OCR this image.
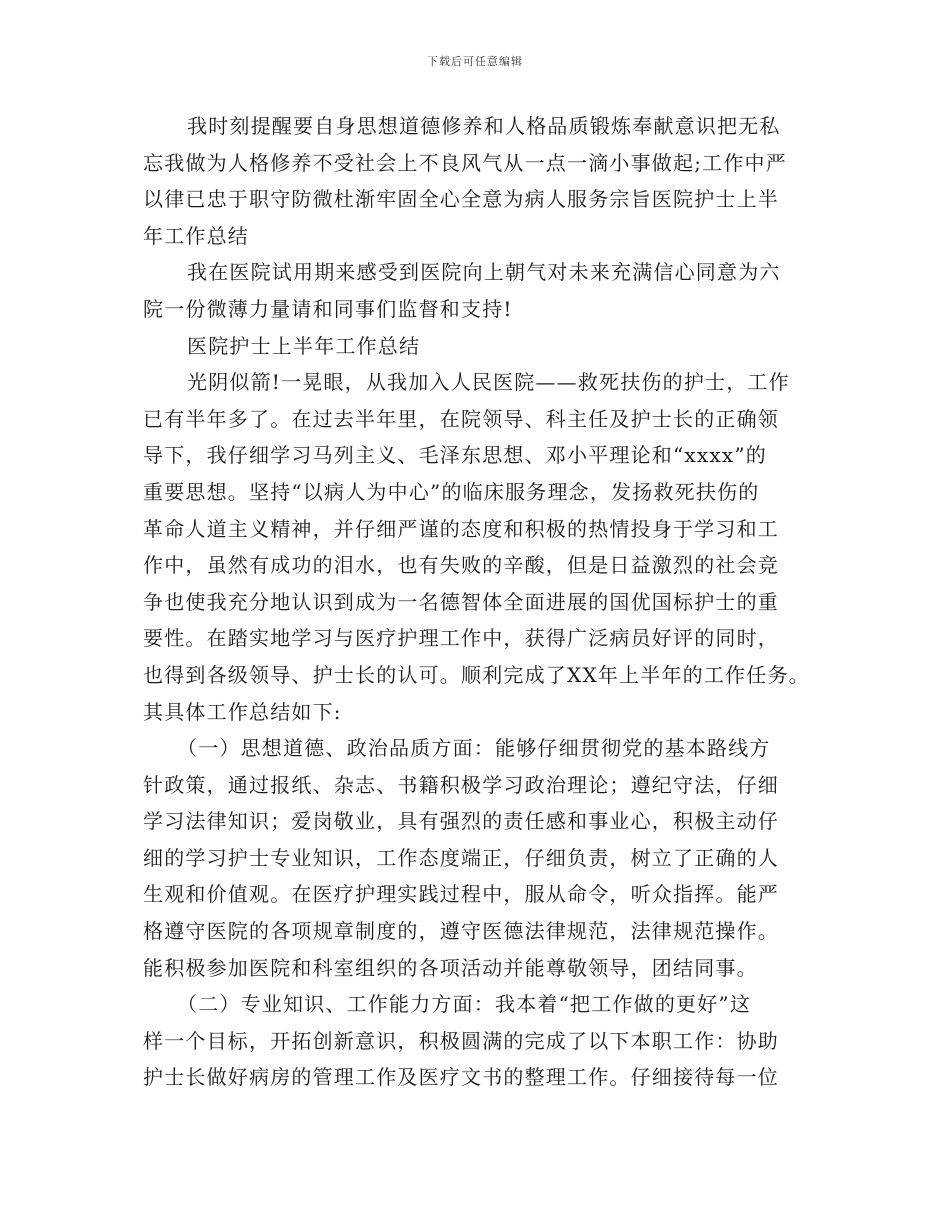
下载后可任意编辑
我时刻提醒要自身思想道德修养和人格品质锻炼奉献意识把无私
忘我做为人格修养不受社会上不良风气从一点一滴小事做起;工作中严
以律已忠于职守防微杜渐牢固全心全意为病人服务宗旨医院护士上半
年工作总结
我在医院试用期来感受到医院向上朝气对未来充满信心同意为六
院一份微薄力量请和同事们监督和支持!
医院护士上半年工作总结
光阴似箭!一晃眼，从我加入人民医院——救死扶伤的护士，工作
已有半年多了。在过去半年里，在院领导、科主任及护士长的正确领
导下，我仔细学习马列主义、毛泽东思想、邓小平理论和“xxxx”的
重要思想。坚持“以病人为中心”的临床服务理念，发扬救死扶伤的
革命人道主义精神，并仔细严谨的态度和积极的热情投身于学习和工
作中，虽然有成功的泪水，也有失败的辛酸，但是日益激烈的社会竞
争也使我充分地认识到成为一名德智体全面进展的国优国标护士的重
要性。在踏实地学习与医疗护理工作中，获得广泛病员好评的同时，
也得到各级领导、护士长的认可。顺利完成了XX年上半年的工作任务。
其具体工作总结如下:
（一）思想道德、政治品质方面：能够仔细贯彻党的基本路线方
针政策，通过报纸、杂志、书籍积极学习政治理论；遵纪守法，仔细
学习法律知识；爱岗敬业，具有强烈的责任感和事业心，积极主动仔
细的学习护士专业知识，工作态度端正，仔细负责，树立了正确的人
生观和价值观。在医疗护理实践过程中，服从命令，听众指挥。能严
格遵守医院的各项规章制度的，遵守医德法律规范，法律规范操作。
能积极参加医院和科室组织的各项活动并能尊敬领导，团结同事。
（二）专业知识、工作能力方面：我本着“把工作做的更好”这
样一个目标，开拓创新意识，积极圆满的完成了以下本职工作：协助
护士长做好病房的管理工作及医疗文书的整理工作。仔细接待每一位
